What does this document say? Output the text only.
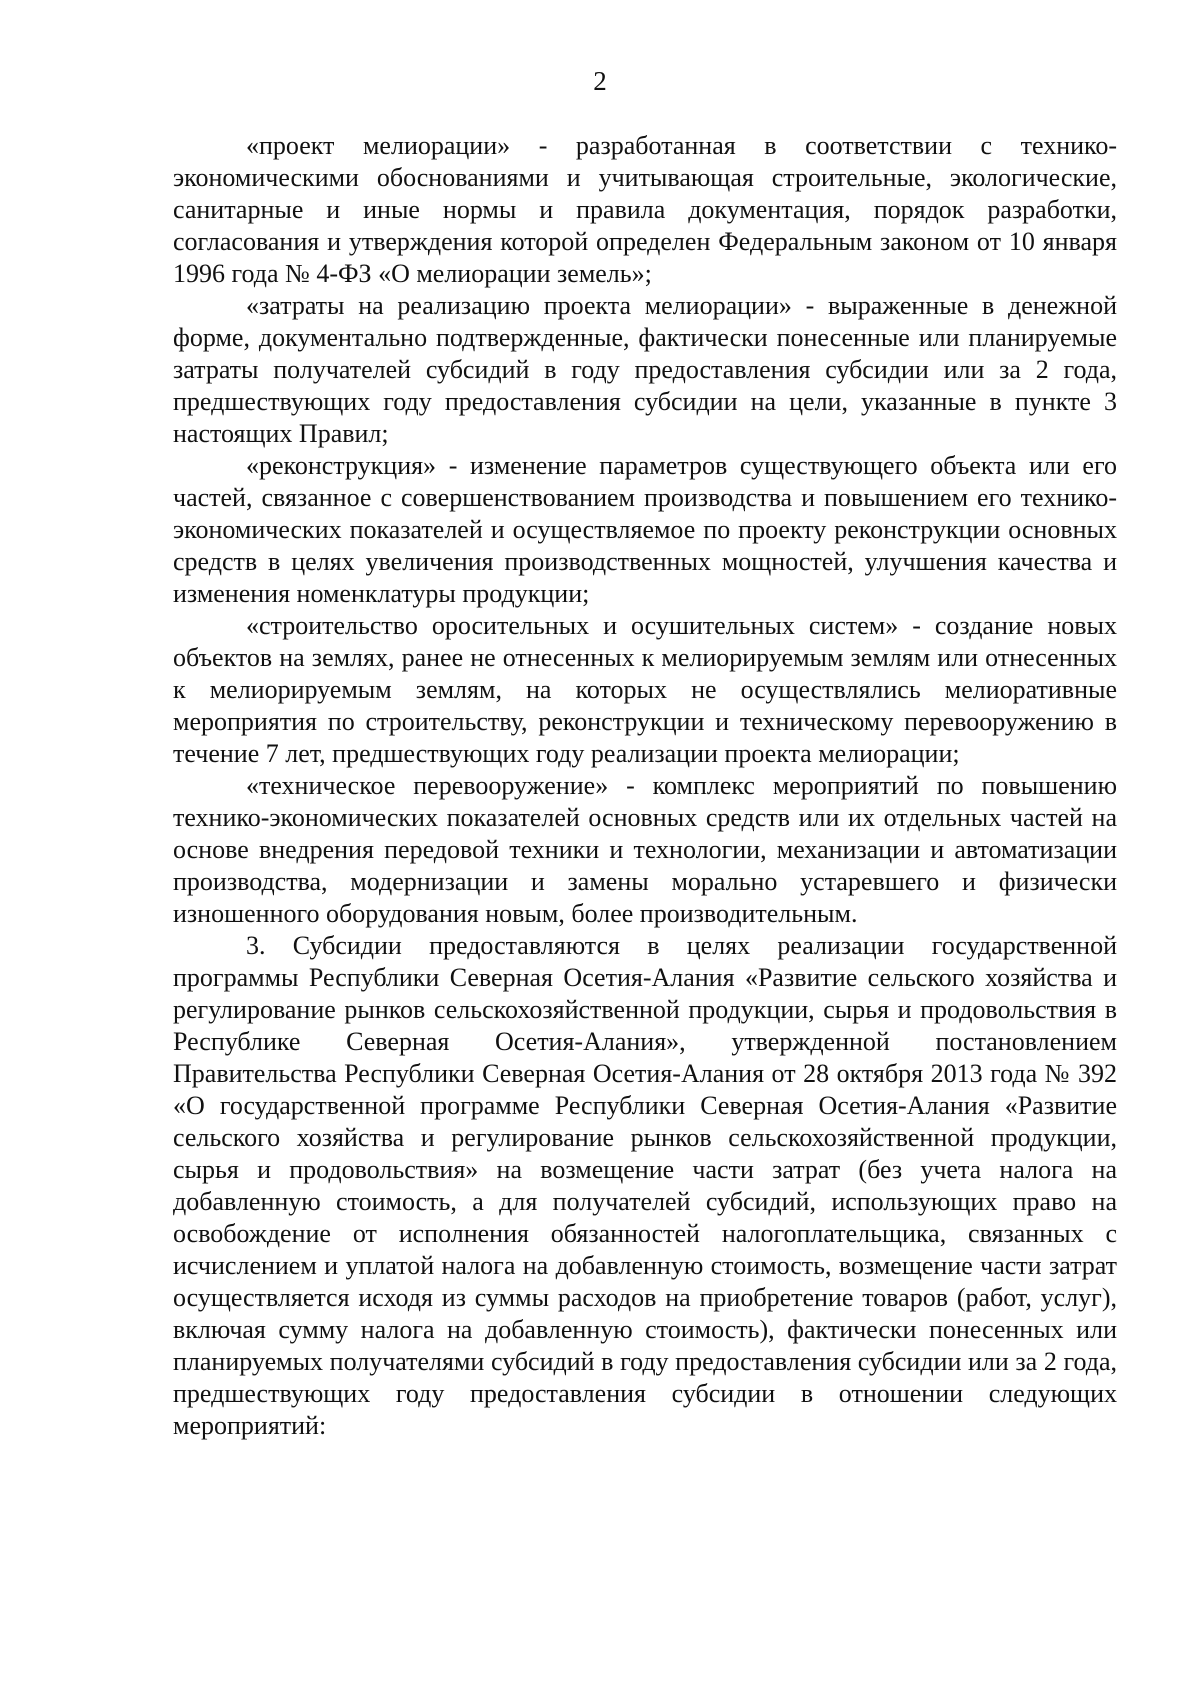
2

«проект мелиорации» - разработанная в соответствии с технико-экономическими обоснованиями и учитывающая строительные, экологические, санитарные и иные нормы и правила документация, порядок разработки, согласования и утверждения которой определен Федеральным законом от 10 января 1996 года № 4-ФЗ «О мелиорации земель»;

«затраты на реализацию проекта мелиорации» - выраженные в денежной форме, документально подтвержденные, фактически понесенные или планируемые затраты получателей субсидий в году предоставления субсидии или за 2 года, предшествующих году предоставления субсидии на цели, указанные в пункте 3 настоящих Правил;

«реконструкция» - изменение параметров существующего объекта или его частей, связанное с совершенствованием производства и повышением его технико-экономических показателей и осуществляемое по проекту реконструкции основных средств в целях увеличения производственных мощностей, улучшения качества и изменения номенклатуры продукции;

«строительство оросительных и осушительных систем» - создание новых объектов на землях, ранее не отнесенных к мелиорируемым землям или отнесенных к мелиорируемым землям, на которых не осуществлялись мелиоративные мероприятия по строительству, реконструкции и техническому перевооружению в течение 7 лет, предшествующих году реализации проекта мелиорации;

«техническое перевооружение» - комплекс мероприятий по повышению технико-экономических показателей основных средств или их отдельных частей на основе внедрения передовой техники и технологии, механизации и автоматизации производства, модернизации и замены морально устаревшего и физически изношенного оборудования новым, более производительным.

3. Субсидии предоставляются в целях реализации государственной программы Республики Северная Осетия-Алания «Развитие сельского хозяйства и регулирование рынков сельскохозяйственной продукции, сырья и продовольствия в Республике Северная Осетия-Алания», утвержденной постановлением Правительства Республики Северная Осетия-Алания от 28 октября 2013 года № 392 «О государственной программе Республики Северная Осетия-Алания «Развитие сельского хозяйства и регулирование рынков сельскохозяйственной продукции, сырья и продовольствия» на возмещение части затрат (без учета налога на добавленную стоимость, а для получателей субсидий, использующих право на освобождение от исполнения обязанностей налогоплательщика, связанных с исчислением и уплатой налога на добавленную стоимость, возмещение части затрат осуществляется исходя из суммы расходов на приобретение товаров (работ, услуг), включая сумму налога на добавленную стоимость), фактически понесенных или планируемых получателями субсидий в году предоставления субсидии или за 2 года, предшествующих году предоставления субсидии в отношении следующих мероприятий:
